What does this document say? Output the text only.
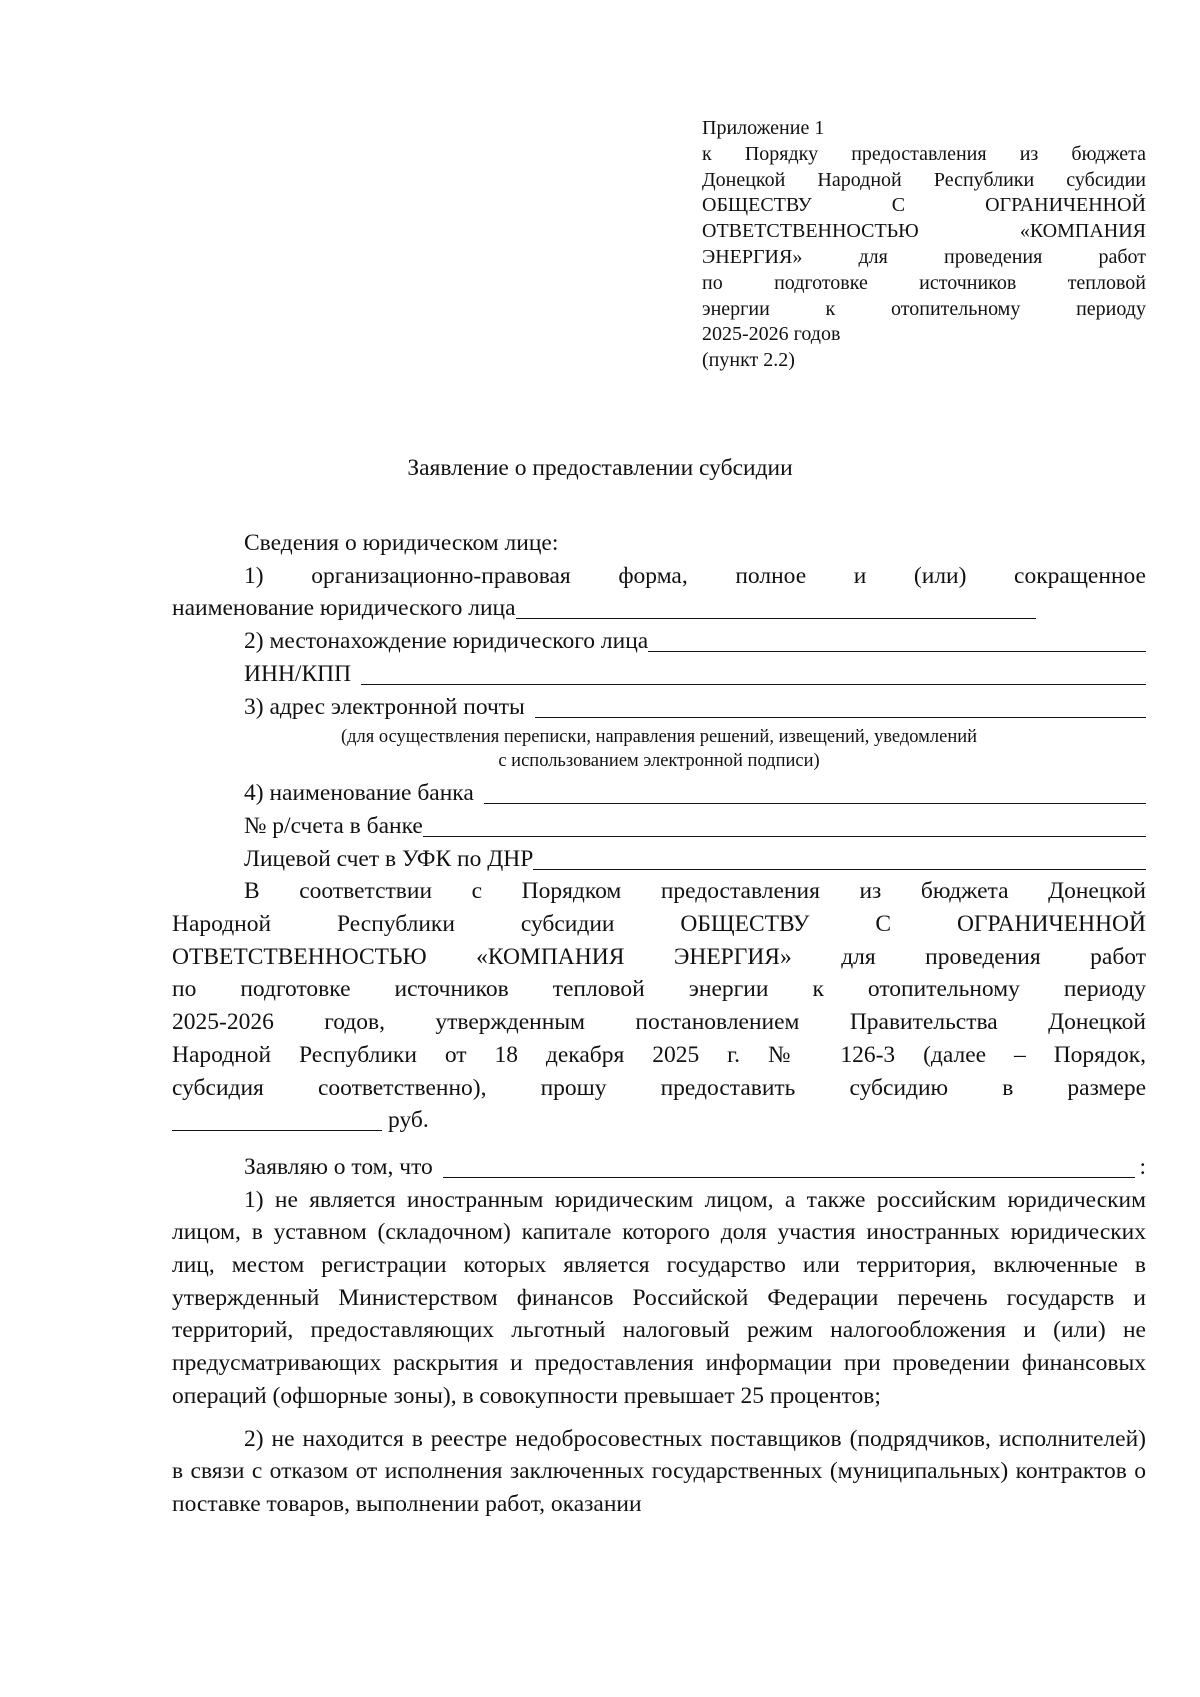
Приложение 1
к Порядку предоставления из бюджета
Донецкой Народной Республики субсидии
ОБЩЕСТВУ С ОГРАНИЧЕННОЙ
ОТВЕТСТВЕННОСТЬЮ «КОМПАНИЯ
ЭНЕРГИЯ» для проведения работ
по подготовке источников тепловой
энергии к отопительному периоду
2025-2026 годов
(пункт 2.2)
Заявление о предоставлении субсидии
Сведения о юридическом лице:
1) организационно-правовая форма, полное и (или) сокращенное
наименование юридического лица
2) местонахождение юридического лица
ИНН/КПП
3) адрес электронной почты
(для осуществления переписки, направления решений, извещений, уведомлений
с использованием электронной подписи)
4) наименование банка
№ р/счета в банке
Лицевой счет в УФК по ДНР
В соответствии с Порядком предоставления из бюджета Донецкой
Народной Республики субсидии ОБЩЕСТВУ С ОГРАНИЧЕННОЙ
ОТВЕТСТВЕННОСТЬЮ «КОМПАНИЯ ЭНЕРГИЯ» для проведения работ
по подготовке источников тепловой энергии к отопительному периоду
2025-2026 годов, утвержденным постановлением Правительства Донецкой
Народной Республики от 18 декабря 2025 г. № 126-3 (далее – Порядок,
субсидия соответственно), прошу предоставить субсидию в размере
руб.
Заявляю о том, что	:
1) не является иностранным юридическим лицом, а также российским юридическим лицом, в уставном (складочном) капитале которого доля участия иностранных юридических лиц, местом регистрации которых является государство или территория, включенные в утвержденный Министерством финансов Российской Федерации перечень государств и территорий, предоставляющих льготный налоговый режим налогообложения и (или) не предусматривающих раскрытия и предоставления информации при проведении финансовых операций (офшорные зоны), в совокупности превышает 25 процентов;
2) не находится в реестре недобросовестных поставщиков (подрядчиков, исполнителей) в связи с отказом от исполнения заключенных государственных (муниципальных) контрактов о поставке товаров, выполнении работ, оказании
